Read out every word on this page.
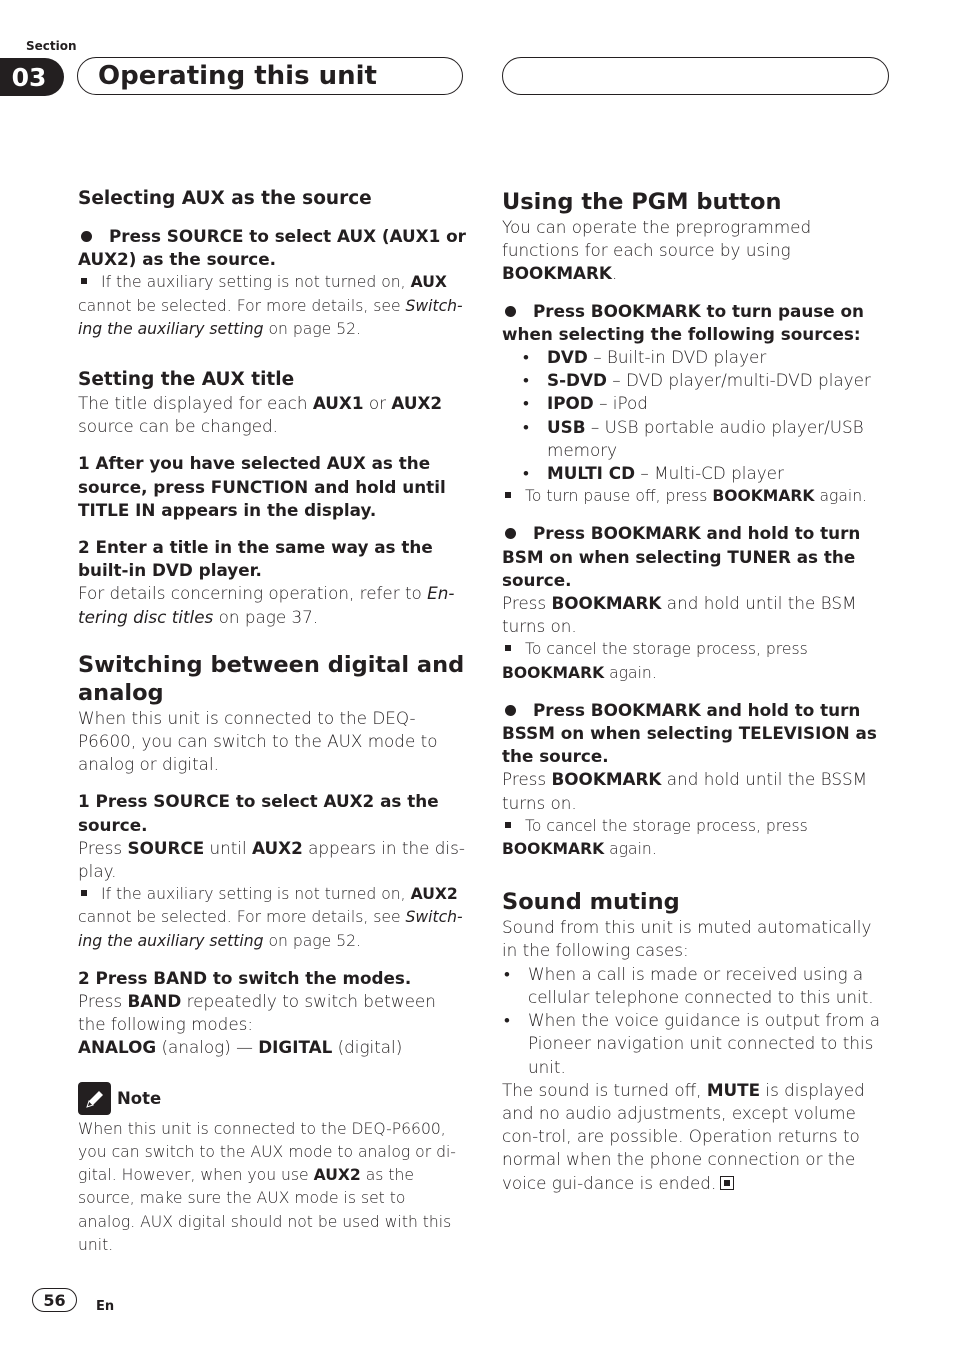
Section
03	Operating this unit

Selecting AUX as the source

Press SOURCE to select AUX (AUX1 or AUX2) as the source.

If the auxiliary setting is not turned on, AUX cannot be selected. For more details, see Switch-ing the auxiliary setting on page 52.

Setting the AUX title

The title displayed for each AUX1 or AUX2 source can be changed.

1 After you have selected AUX as the source, press FUNCTION and hold until TITLE IN appears in the display.

2 Enter a title in the same way as the built-in DVD player.

For details concerning operation, refer to En-tering disc titles on page 37.

Switching between digital and analog

When this unit is connected to the DEQ-P6600, you can switch to the AUX mode to analog or digital.

1 Press SOURCE to select AUX2 as the source.

Press SOURCE until AUX2 appears in the dis-play.

If the auxiliary setting is not turned on, AUX2 cannot be selected. For more details, see Switch-ing the auxiliary setting on page 52.

2 Press BAND to switch the modes.

Press BAND repeatedly to switch between the following modes:

ANALOG (analog) — DIGITAL (digital)

Note

When this unit is connected to the DEQ-P6600, you can switch to the AUX mode to analog or di-gital. However, when you use AUX2 as the source, make sure the AUX mode is set to analog. AUX digital should not be used with this unit.

Using the PGM button

You can operate the preprogrammed functions for each source by using BOOKMARK.

Press BOOKMARK to turn pause on when selecting the following sources:

• DVD – Built-in DVD player
• S-DVD – DVD player/multi-DVD player
• IPOD – iPod
• USB – USB portable audio player/USB memory
• MULTI CD – Multi-CD player

To turn pause off, press BOOKMARK again.

Press BOOKMARK and hold to turn BSM on when selecting TUNER as the source.

Press BOOKMARK and hold until the BSM turns on.

To cancel the storage process, press BOOKMARK again.

Press BOOKMARK and hold to turn BSSM on when selecting TELEVISION as the source.

Press BOOKMARK and hold until the BSSM turns on.

To cancel the storage process, press BOOKMARK again.

Sound muting

Sound from this unit is muted automatically in the following cases:

• When a call is made or received using a cellular telephone connected to this unit.
• When the voice guidance is output from a Pioneer navigation unit connected to this unit.

The sound is turned off, MUTE is displayed and no audio adjustments, except volume con-trol, are possible. Operation returns to normal when the phone connection or the voice gui-dance is ended.

56	En
